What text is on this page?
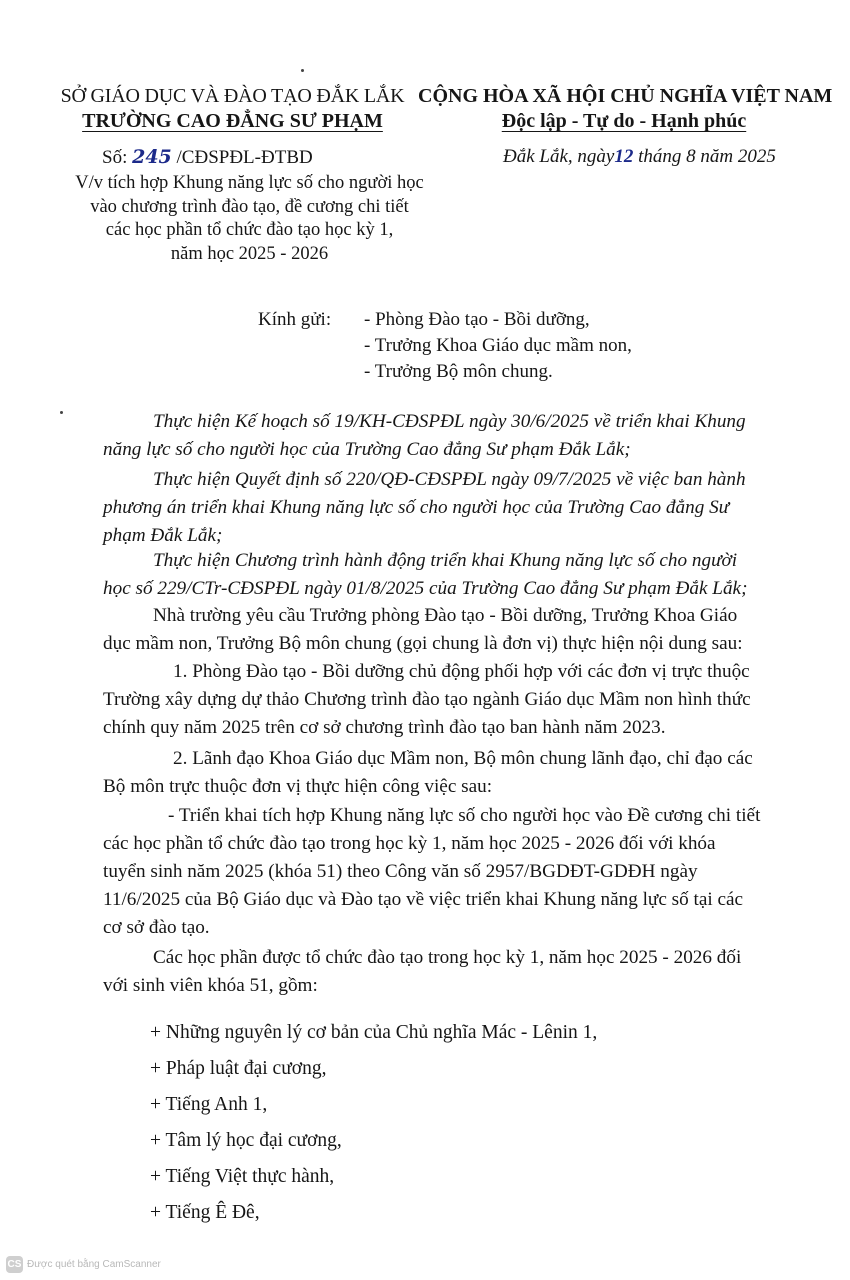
SỞ GIÁO DỤC VÀ ĐÀO TẠO ĐẮK LẮK
TRƯỜNG CAO ĐẲNG SƯ PHẠM
CỘNG HÒA XÃ HỘI CHỦ NGHĨA VIỆT NAM
Độc lập - Tự do - Hạnh phúc
Số: 245 /CĐSPĐL-ĐTBD	Đắk Lắk, ngày12 tháng 8 năm 2025
V/v tích hợp Khung năng lực số cho người học
vào chương trình đào tạo, đề cương chi tiết
các học phần tổ chức đào tạo học kỳ 1,
năm học 2025 - 2026
Kính gửi: - Phòng Đào tạo - Bồi dưỡng,
- Trưởng Khoa Giáo dục mầm non,
- Trưởng Bộ môn chung.
Thực hiện Kế hoạch số 19/KH-CĐSPĐL ngày 30/6/2025 về triển khai Khung
năng lực số cho người học của Trường Cao đẳng Sư phạm Đắk Lắk;
Thực hiện Quyết định số 220/QĐ-CĐSPĐL ngày 09/7/2025 về việc ban hành
phương án triển khai Khung năng lực số cho người học của Trường Cao đẳng Sư
phạm Đắk Lắk;
Thực hiện Chương trình hành động triển khai Khung năng lực số cho người
học số 229/CTr-CĐSPĐL ngày 01/8/2025 của Trường Cao đẳng Sư phạm Đắk Lắk;
Nhà trường yêu cầu Trưởng phòng Đào tạo - Bồi dưỡng, Trưởng Khoa Giáo
dục mầm non, Trưởng Bộ môn chung (gọi chung là đơn vị) thực hiện nội dung sau:
1. Phòng Đào tạo - Bồi dưỡng chủ động phối hợp với các đơn vị trực thuộc
Trường xây dựng dự thảo Chương trình đào tạo ngành Giáo dục Mầm non hình thức
chính quy năm 2025 trên cơ sở chương trình đào tạo ban hành năm 2023.
2. Lãnh đạo Khoa Giáo dục Mầm non, Bộ môn chung lãnh đạo, chỉ đạo các
Bộ môn trực thuộc đơn vị thực hiện công việc sau:
- Triển khai tích hợp Khung năng lực số cho người học vào Đề cương chi tiết
các học phần tổ chức đào tạo trong học kỳ 1, năm học 2025 - 2026 đối với khóa
tuyển sinh năm 2025 (khóa 51) theo Công văn số 2957/BGDĐT-GDĐH ngày
11/6/2025 của Bộ Giáo dục và Đào tạo về việc triển khai Khung năng lực số tại các
cơ sở đào tạo.
Các học phần được tổ chức đào tạo trong học kỳ 1, năm học 2025 - 2026 đối
với sinh viên khóa 51, gồm:
+ Những nguyên lý cơ bản của Chủ nghĩa Mác - Lênin 1,
+ Pháp luật đại cương,
+ Tiếng Anh 1,
+ Tâm lý học đại cương,
+ Tiếng Việt thực hành,
+ Tiếng Ê Đê,
CS Được quét bằng CamScanner
